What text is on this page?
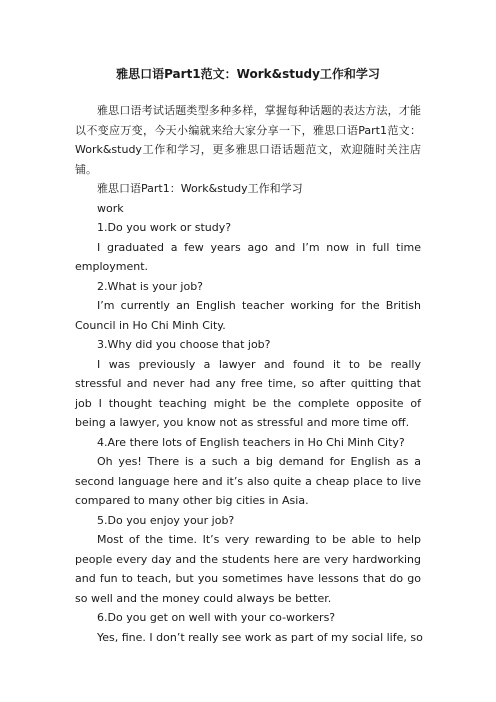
雅思口语Part1范文：Work&study工作和学习

雅思口语考试话题类型多种多样，掌握每种话题的表达方法，才能以不变应万变，今天小编就来给大家分享一下，雅思口语Part1范文：Work&study工作和学习，更多雅思口语话题范文，欢迎随时关注店铺。

雅思口语Part1：Work&study工作和学习

work

1.Do you work or study?

I graduated a few years ago and I’m now in full time employment.

2.What is your job?

I’m currently an English teacher working for the British Council in Ho Chi Minh City.

3.Why did you choose that job?

I was previously a lawyer and found it to be really stressful and never had any free time, so after quitting that job I thought teaching might be the complete opposite of being a lawyer, you know not as stressful and more time off.

4.Are there lots of English teachers in Ho Chi Minh City?

Oh yes! There is a such a big demand for English as a second language here and it’s also quite a cheap place to live compared to many other big cities in Asia.

5.Do you enjoy your job?

Most of the time. It’s very rewarding to be able to help people every day and the students here are very hardworking and fun to teach, but you sometimes have lessons that do go so well and the money could always be better.

6.Do you get on well with your co-workers?

Yes, fine. I don’t really see work as part of my social life, so
